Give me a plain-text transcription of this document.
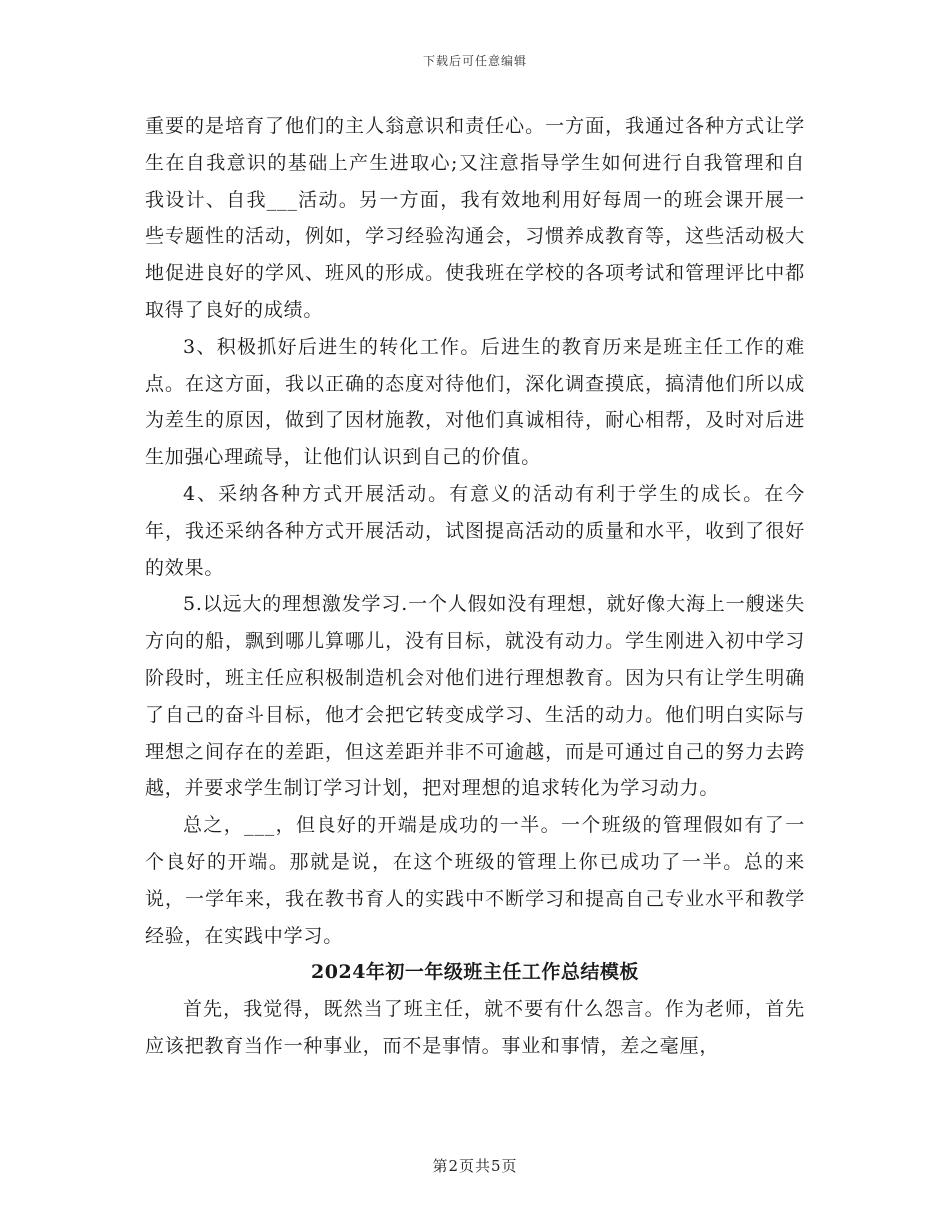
下载后可任意编辑

重要的是培育了他们的主人翁意识和责任心。一方面，我通过各种方式让学生在自我意识的基础上产生进取心;又注意指导学生如何进行自我管理和自我设计、自我___活动。另一方面，我有效地利用好每周一的班会课开展一些专题性的活动，例如，学习经验沟通会，习惯养成教育等，这些活动极大地促进良好的学风、班风的形成。使我班在学校的各项考试和管理评比中都取得了良好的成绩。

3、积极抓好后进生的转化工作。后进生的教育历来是班主任工作的难点。在这方面，我以正确的态度对待他们，深化调查摸底，搞清他们所以成为差生的原因，做到了因材施教，对他们真诚相待，耐心相帮，及时对后进生加强心理疏导，让他们认识到自己的价值。

4、采纳各种方式开展活动。有意义的活动有利于学生的成长。在今年，我还采纳各种方式开展活动，试图提高活动的质量和水平，收到了很好的效果。

5.以远大的理想激发学习.一个人假如没有理想，就好像大海上一艘迷失方向的船，飘到哪儿算哪儿，没有目标，就没有动力。学生刚进入初中学习阶段时，班主任应积极制造机会对他们进行理想教育。因为只有让学生明确了自己的奋斗目标，他才会把它转变成学习、生活的动力。他们明白实际与理想之间存在的差距，但这差距并非不可逾越，而是可通过自己的努力去跨越，并要求学生制订学习计划，把对理想的追求转化为学习动力。

总之，___，但良好的开端是成功的一半。一个班级的管理假如有了一个良好的开端。那就是说，在这个班级的管理上你已成功了一半。总的来说，一学年来，我在教书育人的实践中不断学习和提高自己专业水平和教学经验，在实践中学习。

2024年初一年级班主任工作总结模板

首先，我觉得，既然当了班主任，就不要有什么怨言。作为老师，首先应该把教育当作一种事业，而不是事情。事业和事情，差之毫厘，

第2页共5页
